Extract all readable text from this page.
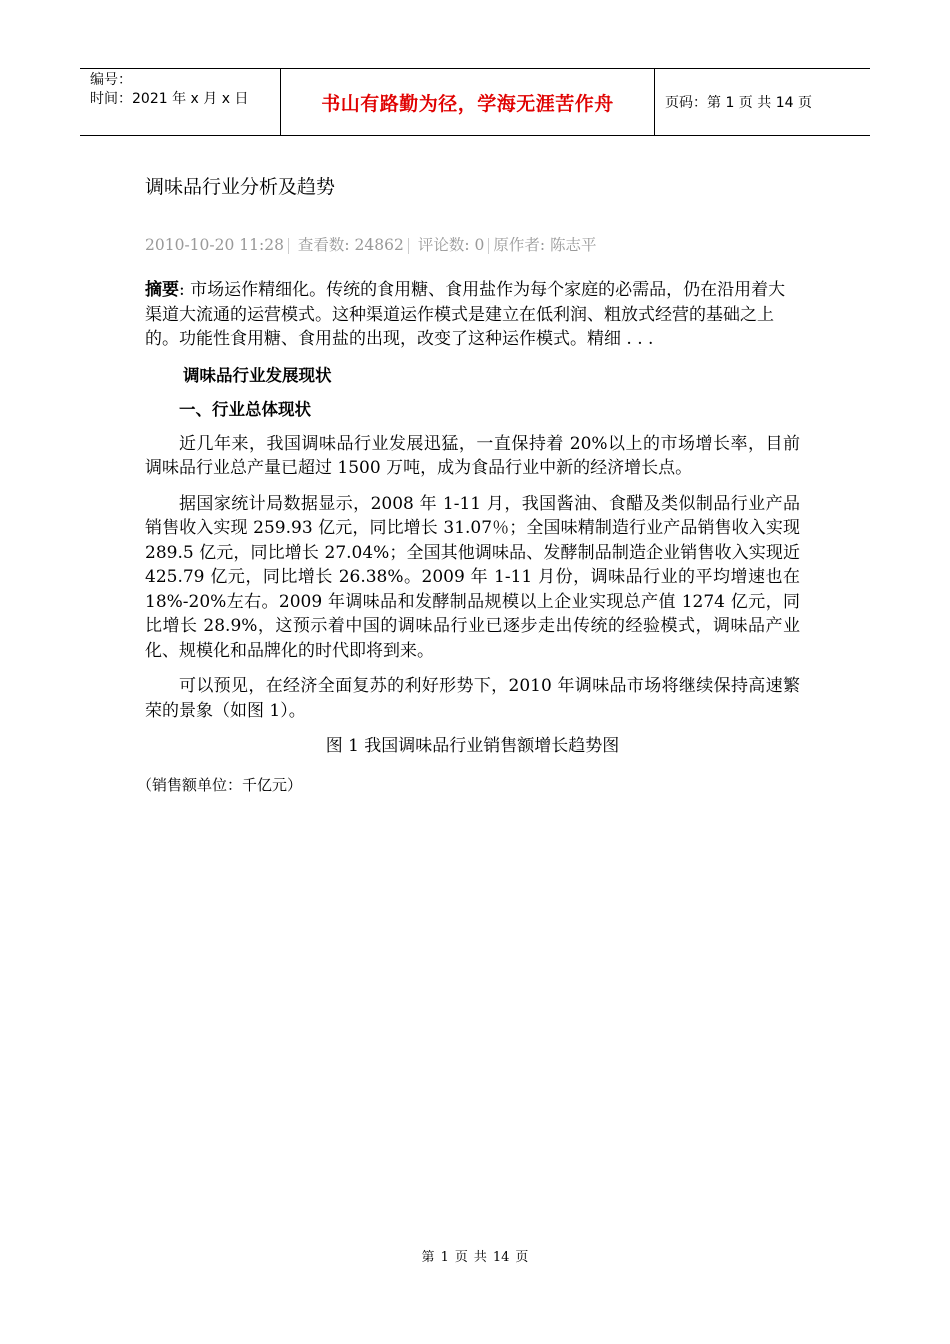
编号：
时间：2021 年 x 月 x 日	书山有路勤为径，学海无涯苦作舟	页码：第 1 页 共 14 页
调味品行业分析及趋势
2010-10-20 11:28 查看数: 24862 评论数: 0 原作者: 陈志平

摘要: 市场运作精细化。传统的食用糖、食用盐作为每个家庭的必需品，仍在沿用着大渠道大流通的运营模式。这种渠道运作模式是建立在低利润、粗放式经营的基础之上的。功能性食用糖、食用盐的出现，改变了这种运作模式。精细 . . .

调味品行业发展现状

一、行业总体现状

近几年来，我国调味品行业发展迅猛，一直保持着 20%以上的市场增长率，目前调味品行业总产量已超过 1500 万吨，成为食品行业中新的经济增长点。

据国家统计局数据显示，2008 年 1-11 月，我国酱油、食醋及类似制品行业产品销售收入实现 259.93 亿元，同比增长 31.07％；全国味精制造行业产品销售收入实现 289.5 亿元，同比增长 27.04%；全国其他调味品、发酵制品制造企业销售收入实现近 425.79 亿元，同比增长 26.38%。2009 年 1-11 月份，调味品行业的平均增速也在 18%-20%左右。2009 年调味品和发酵制品规模以上企业实现总产值 1274 亿元，同比增长 28.9%，这预示着中国的调味品行业已逐步走出传统的经验模式，调味品产业化、规模化和品牌化的时代即将到来。

可以预见，在经济全面复苏的利好形势下，2010 年调味品市场将继续保持高速繁荣的景象（如图 1）。

图 1 我国调味品行业销售额增长趋势图

（销售额单位：千亿元）

第 1 页 共 14 页
